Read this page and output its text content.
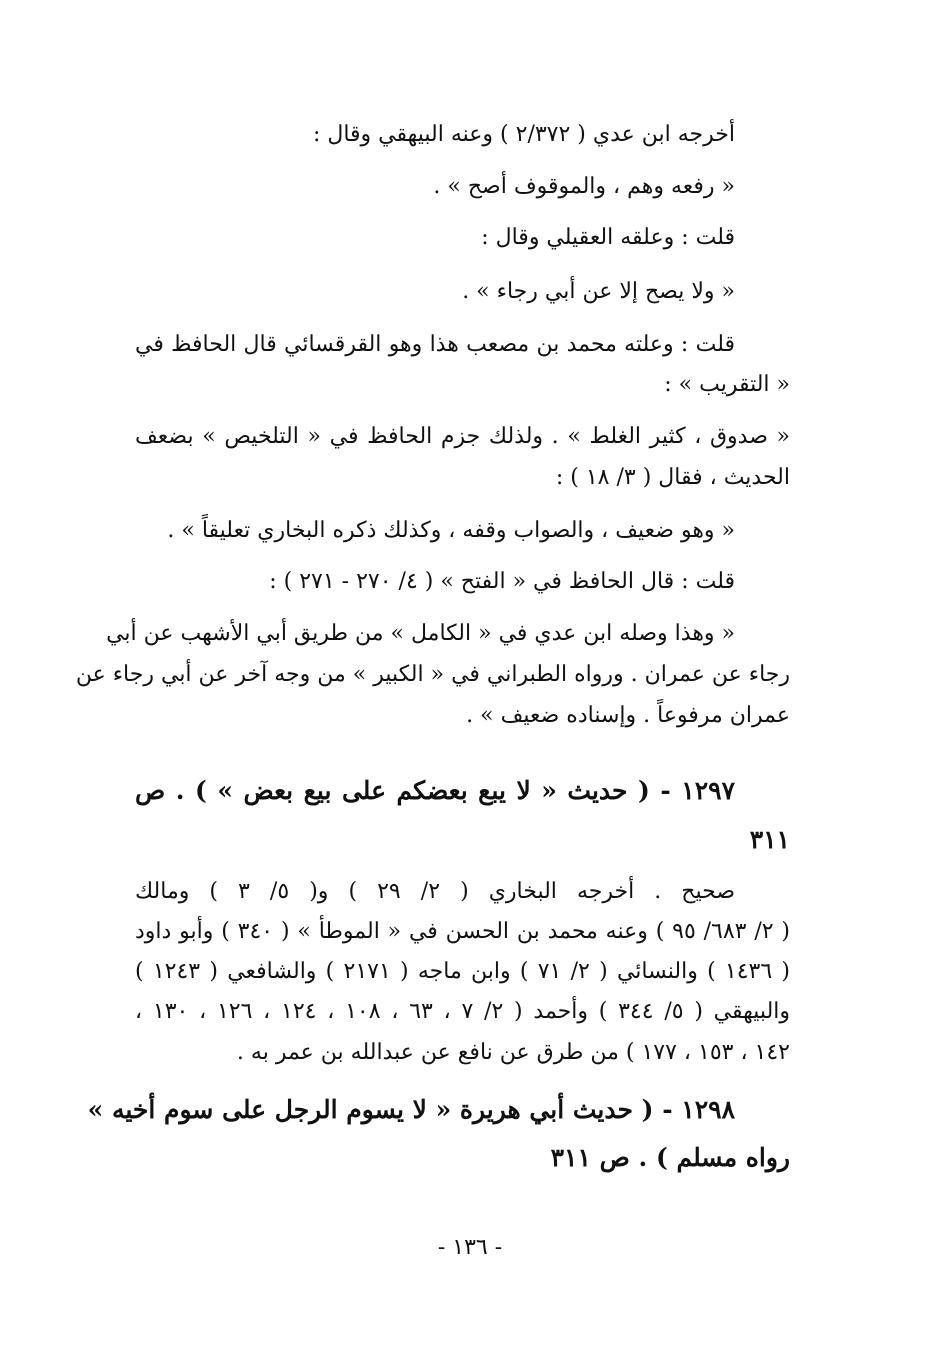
أخرجه ابن عدي ( ٢/٣٧٢ ) وعنه البيهقي وقال :
« رفعه وهم ، والموقوف أصح » .
قلت : وعلقه العقيلي وقال :
« ولا يصح إلا عن أبي رجاء » .
قلت : وعلته محمد بن مصعب هذا وهو القرقسائي قال الحافظ في
« التقريب » :
« صدوق ، كثير الغلط » . ولذلك جزم الحافظ في « التلخيص » بضعف
الحديث ، فقال ( ٣/ ١٨ ) :
« وهو ضعيف ، والصواب وقفه ، وكذلك ذكره البخاري تعليقاً » .
قلت : قال الحافظ في « الفتح » ( ٤/ ٢٧٠ - ٢٧١ ) :
« وهذا وصله ابن عدي في « الكامل » من طريق أبي الأشهب عن أبي
رجاء عن عمران . ورواه الطبراني في « الكبير » من وجه آخر عن أبي رجاء عن
عمران مرفوعاً . وإسناده ضعيف » .
١٢٩٧ - ( حديث « لا يبع بعضكم على بيع بعض » ) . ص
٣١١
صحيح . أخرجه البخاري ( ٢/ ٢٩ ) و( ٥/ ٣ ) ومالك
( ٢/ ٦٨٣/ ٩٥ ) وعنه محمد بن الحسن في « الموطأ » ( ٣٤٠ ) وأبو داود
( ١٤٣٦ ) والنسائي ( ٢/ ٧١ ) وابن ماجه ( ٢١٧١ ) والشافعي ( ١٢٤٣ )
والبيهقي ( ٥/ ٣٤٤ ) وأحمد ( ٢/ ٧ ، ٦٣ ، ١٠٨ ، ١٢٤ ، ١٢٦ ، ١٣٠ ،
١٤٢ ، ١٥٣ ، ١٧٧ ) من طرق عن نافع عن عبدالله بن عمر به .
١٢٩٨ - ( حديث أبي هريرة « لا يسوم الرجل على سوم أخيه »
رواه مسلم ) . ص ٣١١
- ١٣٦ -
